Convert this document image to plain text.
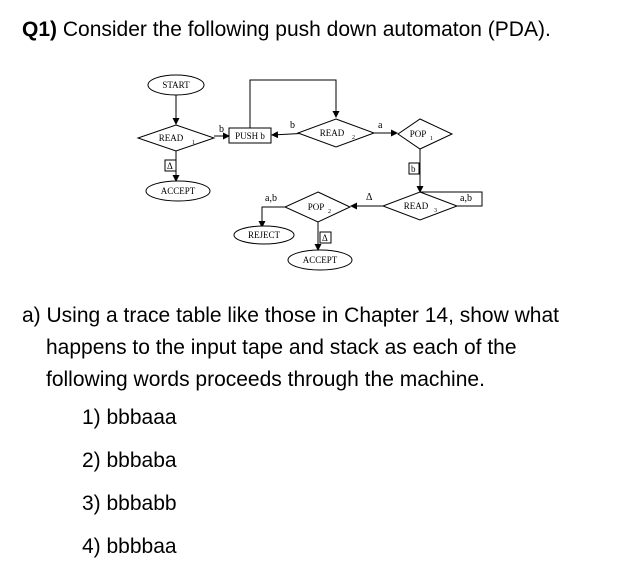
Q1) Consider the following push down automaton (PDA).
START
READ 1
b
PUSH b
b
READ 2
a
POP 1
b
Δ
ACCEPT
READ 3
a,b
Δ
POP 2
a,b
REJECT	Δ
ACCEPT
a) Using a trace table like those in Chapter 14, show what
happens to the input tape and stack as each of the
following words proceeds through the machine.
1) bbbaaa
2) bbbaba
3) bbbabb
4) bbbbaa
